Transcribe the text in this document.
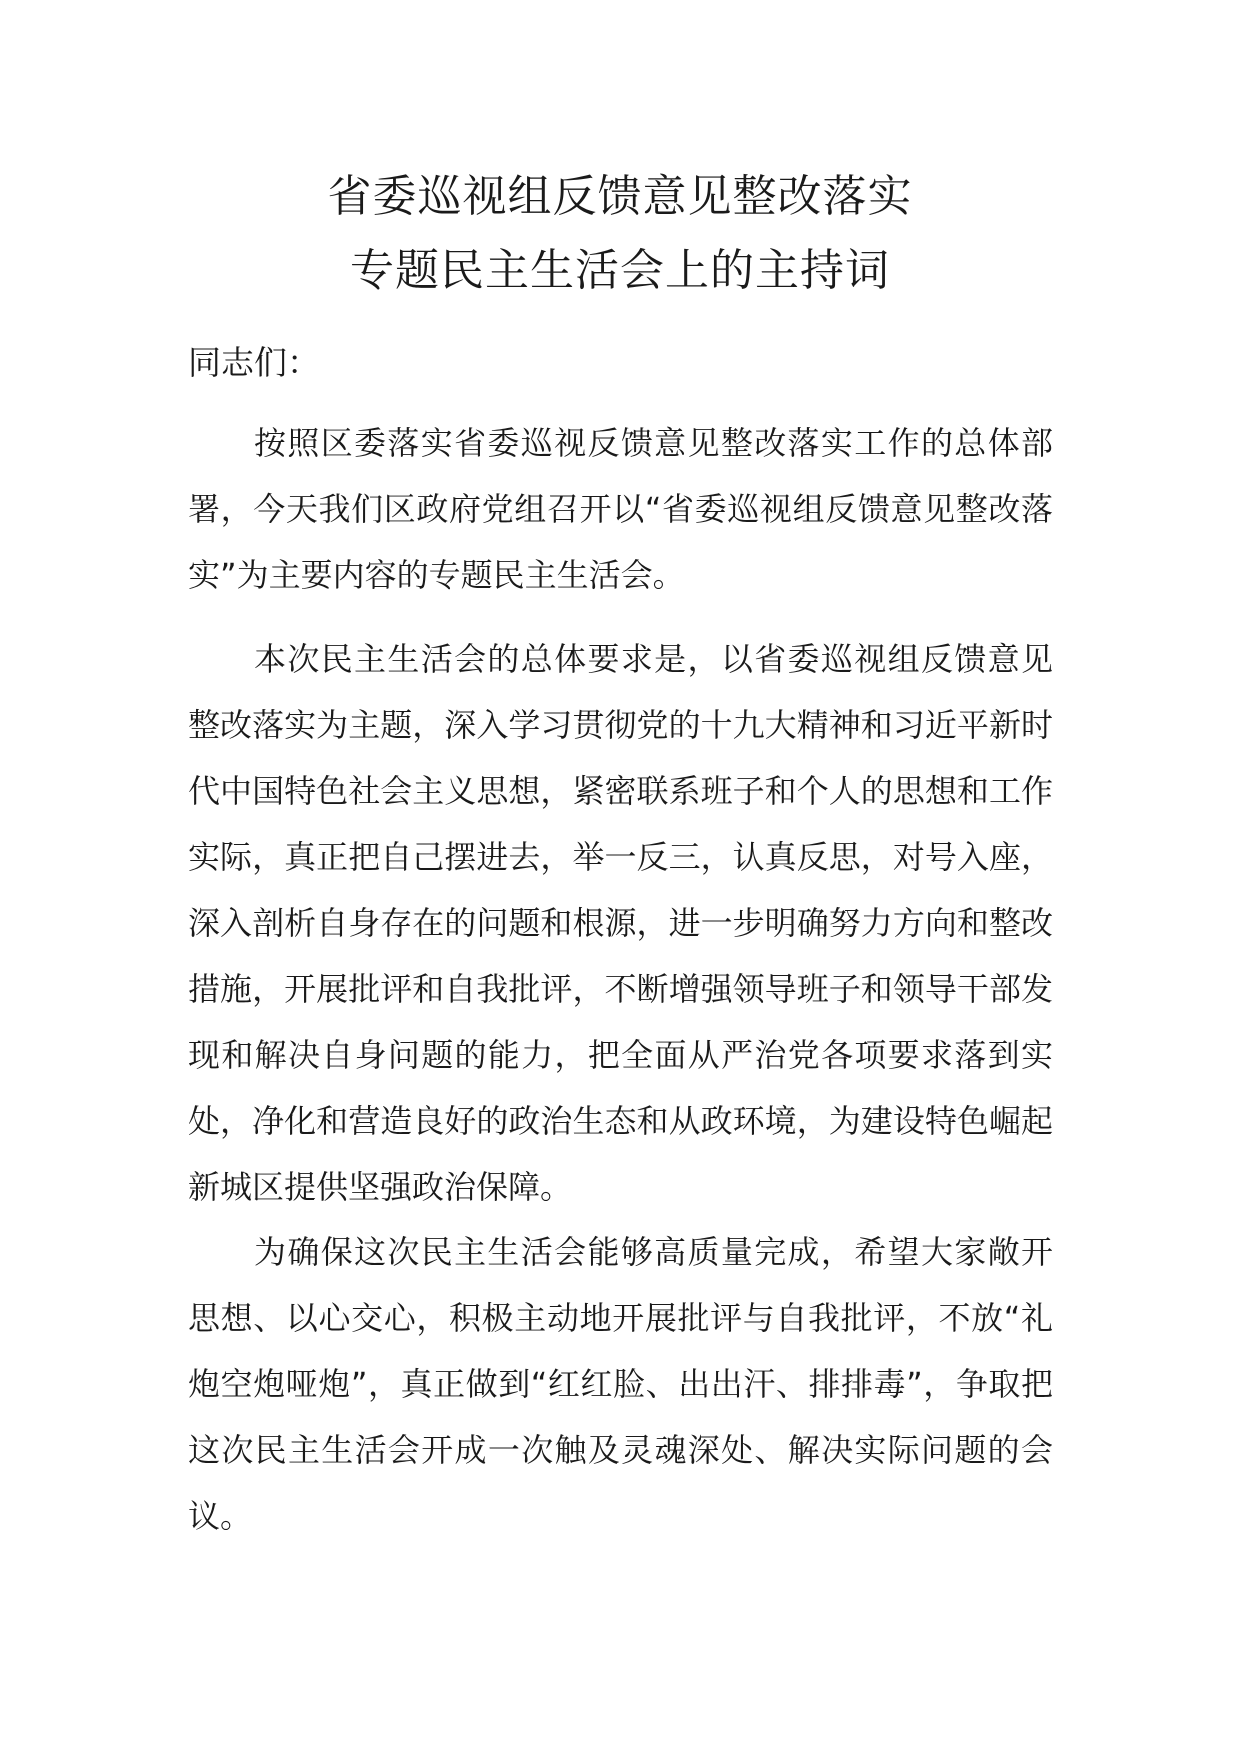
省委巡视组反馈意见整改落实
专题民主生活会上的主持词
同志们：

按照区委落实省委巡视反馈意见整改落实工作的总体部署，今天我们区政府党组召开以“省委巡视组反馈意见整改落实”为主要内容的专题民主生活会。

本次民主生活会的总体要求是，以省委巡视组反馈意见整改落实为主题，深入学习贯彻党的十九大精神和习近平新时代中国特色社会主义思想，紧密联系班子和个人的思想和工作实际，真正把自己摆进去，举一反三，认真反思，对号入座，深入剖析自身存在的问题和根源，进一步明确努力方向和整改措施，开展批评和自我批评，不断增强领导班子和领导干部发现和解决自身问题的能力，把全面从严治党各项要求落到实处，净化和营造良好的政治生态和从政环境，为建设特色崛起新城区提供坚强政治保障。

为确保这次民主生活会能够高质量完成，希望大家敞开思想、以心交心，积极主动地开展批评与自我批评，不放“礼炮空炮哑炮”，真正做到“红红脸、出出汗、排排毒”，争取把这次民主生活会开成一次触及灵魂深处、解决实际问题的会议。
